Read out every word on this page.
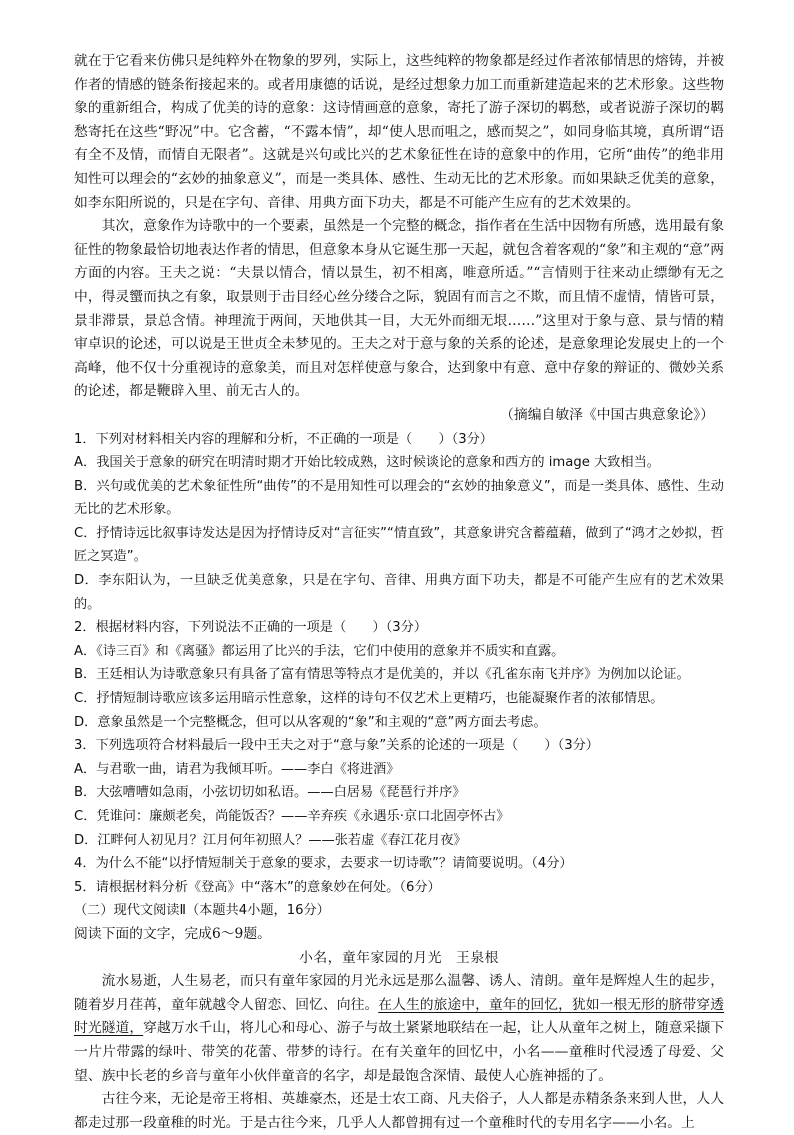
就在于它看来仿佛只是纯粹外在物象的罗列，实际上，这些纯粹的物象都是经过作者浓郁情思的熔铸，并被作者的情感的链条衔接起来的。或者用康德的话说，是经过想象力加工而重新建造起来的艺术形象。这些物象的重新组合，构成了优美的诗的意象：这诗情画意的意象，寄托了游子深切的羁愁，或者说游子深切的羁愁寄托在这些“野况”中。它含蓄，“不露本情”，却“使人思而咀之，感而契之”，如同身临其境，真所谓“语有全不及情，而情自无限者”。这就是兴句或比兴的艺术象征性在诗的意象中的作用，它所“曲传”的绝非用知性可以理会的“玄妙的抽象意义”，而是一类具体、感性、生动无比的艺术形象。而如果缺乏优美的意象，如李东阳所说的，只是在字句、音律、用典方面下功夫，都是不可能产生应有的艺术效果的。

其次，意象作为诗歌中的一个要素，虽然是一个完整的概念，指作者在生活中因物有所感，选用最有象征性的物象最恰切地表达作者的情思，但意象本身从它诞生那一天起，就包含着客观的“象”和主观的“意”两方面的内容。王夫之说：“夫景以情合，情以景生，初不相离，唯意所适。”“言情则于往来动止缥缈有无之中，得灵蠁而执之有象，取景则于击目经心丝分缕合之际，貌固有而言之不欺，而且情不虚情，情皆可景，景非滞景，景总含情。神理流于两间，天地供其一目，大无外而细无垠……”这里对于象与意、景与情的精审卓识的论述，可以说是王世贞全未梦见的。王夫之对于意与象的关系的论述，是意象理论发展史上的一个高峰，他不仅十分重视诗的意象美，而且对怎样使意与象合，达到象中有意、意中存象的辩证的、微妙关系的论述，都是鞭辟入里、前无古人的。

（摘编自敏泽《中国古典意象论》）

1．下列对材料相关内容的理解和分析，不正确的一项是（　　）（3分）

A．我国关于意象的研究在明清时期才开始比较成熟，这时候谈论的意象和西方的 image 大致相当。

B．兴句或优美的艺术象征性所“曲传”的不是用知性可以理会的“玄妙的抽象意义”，而是一类具体、感性、生动无比的艺术形象。

C．抒情诗远比叙事诗发达是因为抒情诗反对“言征实”“情直致”，其意象讲究含蓄蕴藉，做到了“鸿才之妙拟，哲匠之冥造”。

D．李东阳认为，一旦缺乏优美意象，只是在字句、音律、用典方面下功夫，都是不可能产生应有的艺术效果的。

2．根据材料内容，下列说法不正确的一项是（　　）（3分）

A．《诗三百》和《离骚》都运用了比兴的手法，它们中使用的意象并不质实和直露。

B．王廷相认为诗歌意象只有具备了富有情思等特点才是优美的，并以《孔雀东南飞并序》为例加以论证。

C．抒情短制诗歌应该多运用暗示性意象，这样的诗句不仅艺术上更精巧，也能凝聚作者的浓郁情思。

D．意象虽然是一个完整概念，但可以从客观的“象”和主观的“意”两方面去考虑。

3．下列选项符合材料最后一段中王夫之对于“意与象”关系的论述的一项是（　　）（3分）

A．与君歌一曲，请君为我倾耳听。——李白《将进酒》

B．大弦嘈嘈如急雨，小弦切切如私语。——白居易《琵琶行并序》

C．凭谁问：廉颇老矣，尚能饭否？——辛弃疾《永遇乐·京口北固亭怀古》

D．江畔何人初见月？江月何年初照人？——张若虚《春江花月夜》

4．为什么不能“以抒情短制关于意象的要求，去要求一切诗歌”？请简要说明。（4分）

5．请根据材料分析《登高》中“落木”的意象妙在何处。（6分）

（二）现代文阅读Ⅱ（本题共4小题，16分）

阅读下面的文字，完成6～9题。

小名，童年家园的月光 王泉根

流水易逝，人生易老，而只有童年家园的月光永远是那么温馨、诱人、清朗。童年是辉煌人生的起步，随着岁月荏苒，童年就越令人留恋、回忆、向往。在人生的旅途中，童年的回忆，犹如一根无形的脐带穿透时光隧道，穿越万水千山，将儿心和母心、游子与故土紧紧地联结在一起，让人从童年之树上，随意采撷下一片片带露的绿叶、带笑的花蕾、带梦的诗行。在有关童年的回忆中，小名——童稚时代浸透了母爱、父望、族中长老的乡音与童年小伙伴童音的名字，却是最饱含深情、最使人心旌神摇的了。

古往今来，无论是帝王将相、英雄豪杰，还是士农工商、凡夫俗子，人人都是赤精条条来到人世，人人都走过那一段童稚的时光。于是古往今来，几乎人人都曾拥有过一个童稚时代的专用名字——小名。上
